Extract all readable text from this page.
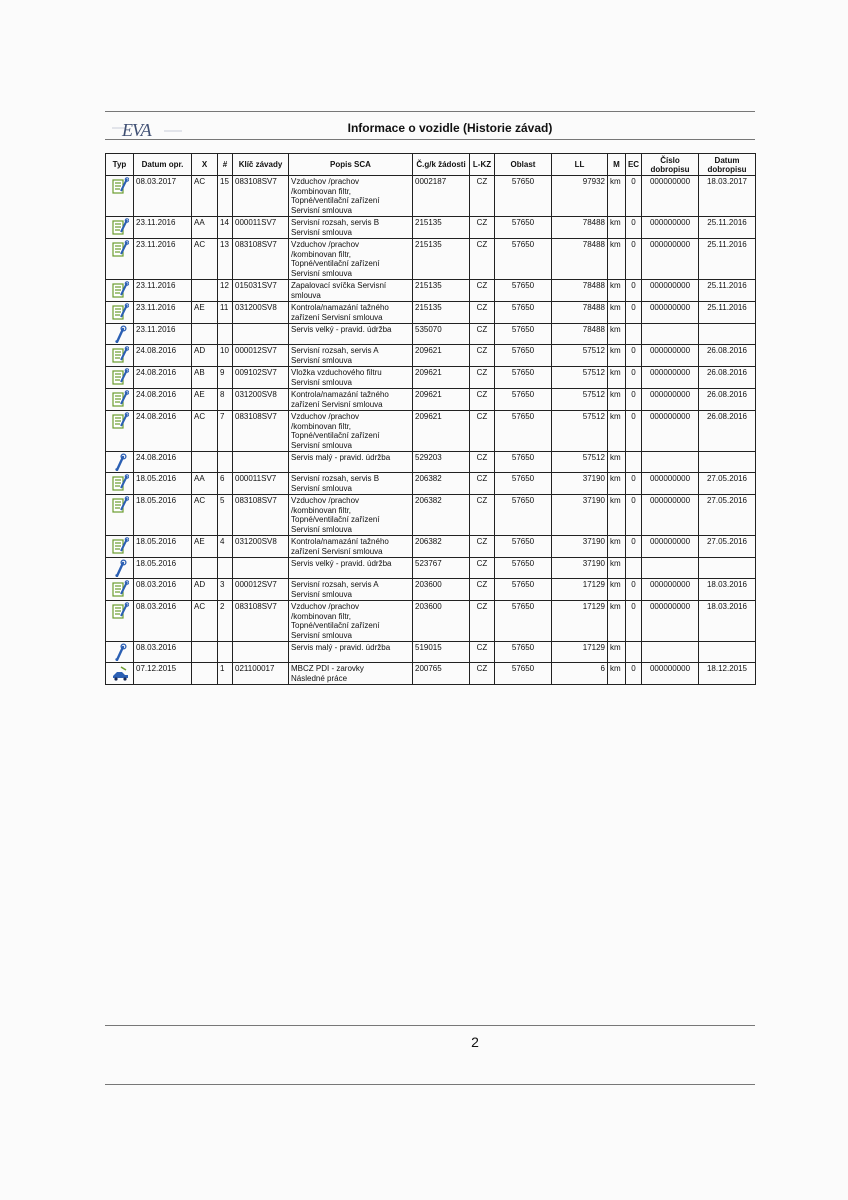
EVA	Informace o vozidle (Historie závad)
Typ	Datum opr.	X	#	Klíč závady	Popis SCA	Č.g/k žádosti	L-KZ	Oblast	LL	M	EC	Číslo dobropisu	Datum dobropisu

	08.03.2017	AC	15	083108SV7	Vzduchov /prachov
/kombinovan filtr,
Topné/ventilační zařízení
Servisní smlouva	0002187	CZ	57650	97932	km	0	000000000	18.03.2017

	23.11.2016	AA	14	000011SV7	Servisní rozsah, servis B
Servisní smlouva	215135	CZ	57650	78488	km	0	000000000	25.11.2016

	23.11.2016	AC	13	083108SV7	Vzduchov /prachov
/kombinovan filtr,
Topné/ventilační zařízení
Servisní smlouva	215135	CZ	57650	78488	km	0	000000000	25.11.2016

	23.11.2016		12	015031SV7	Zapalovací svíčka Servisní
smlouva	215135	CZ	57650	78488	km	0	000000000	25.11.2016

	23.11.2016	AE	11	031200SV8	Kontrola/namazání tažného
zařízení Servisní smlouva	215135	CZ	57650	78488	km	0	000000000	25.11.2016

	23.11.2016				Servis velký - pravid. údržba	535070	CZ	57650	78488	km			

	24.08.2016	AD	10	000012SV7	Servisní rozsah, servis A
Servisní smlouva	209621	CZ	57650	57512	km	0	000000000	26.08.2016

	24.08.2016	AB	9	009102SV7	Vložka vzduchového filtru
Servisní smlouva	209621	CZ	57650	57512	km	0	000000000	26.08.2016

	24.08.2016	AE	8	031200SV8	Kontrola/namazání tažného
zařízení Servisní smlouva	209621	CZ	57650	57512	km	0	000000000	26.08.2016

	24.08.2016	AC	7	083108SV7	Vzduchov /prachov
/kombinovan filtr,
Topné/ventilační zařízení
Servisní smlouva	209621	CZ	57650	57512	km	0	000000000	26.08.2016

	24.08.2016				Servis malý - pravid. údržba	529203	CZ	57650	57512	km			

	18.05.2016	AA	6	000011SV7	Servisní rozsah, servis B
Servisní smlouva	206382	CZ	57650	37190	km	0	000000000	27.05.2016

	18.05.2016	AC	5	083108SV7	Vzduchov /prachov
/kombinovan filtr,
Topné/ventilační zařízení
Servisní smlouva	206382	CZ	57650	37190	km	0	000000000	27.05.2016

	18.05.2016	AE	4	031200SV8	Kontrola/namazání tažného
zařízení Servisní smlouva	206382	CZ	57650	37190	km	0	000000000	27.05.2016

	18.05.2016				Servis velký - pravid. údržba	523767	CZ	57650	37190	km			

	08.03.2016	AD	3	000012SV7	Servisní rozsah, servis A
Servisní smlouva	203600	CZ	57650	17129	km	0	000000000	18.03.2016

	08.03.2016	AC	2	083108SV7	Vzduchov /prachov
/kombinovan filtr,
Topné/ventilační zařízení
Servisní smlouva	203600	CZ	57650	17129	km	0	000000000	18.03.2016

	08.03.2016				Servis malý - pravid. údržba	519015	CZ	57650	17129	km			

	07.12.2015		1	021100017	MBCZ PDI - zarovky
Následné práce	200765	CZ	57650	6	km	0	000000000	18.12.2015
2
